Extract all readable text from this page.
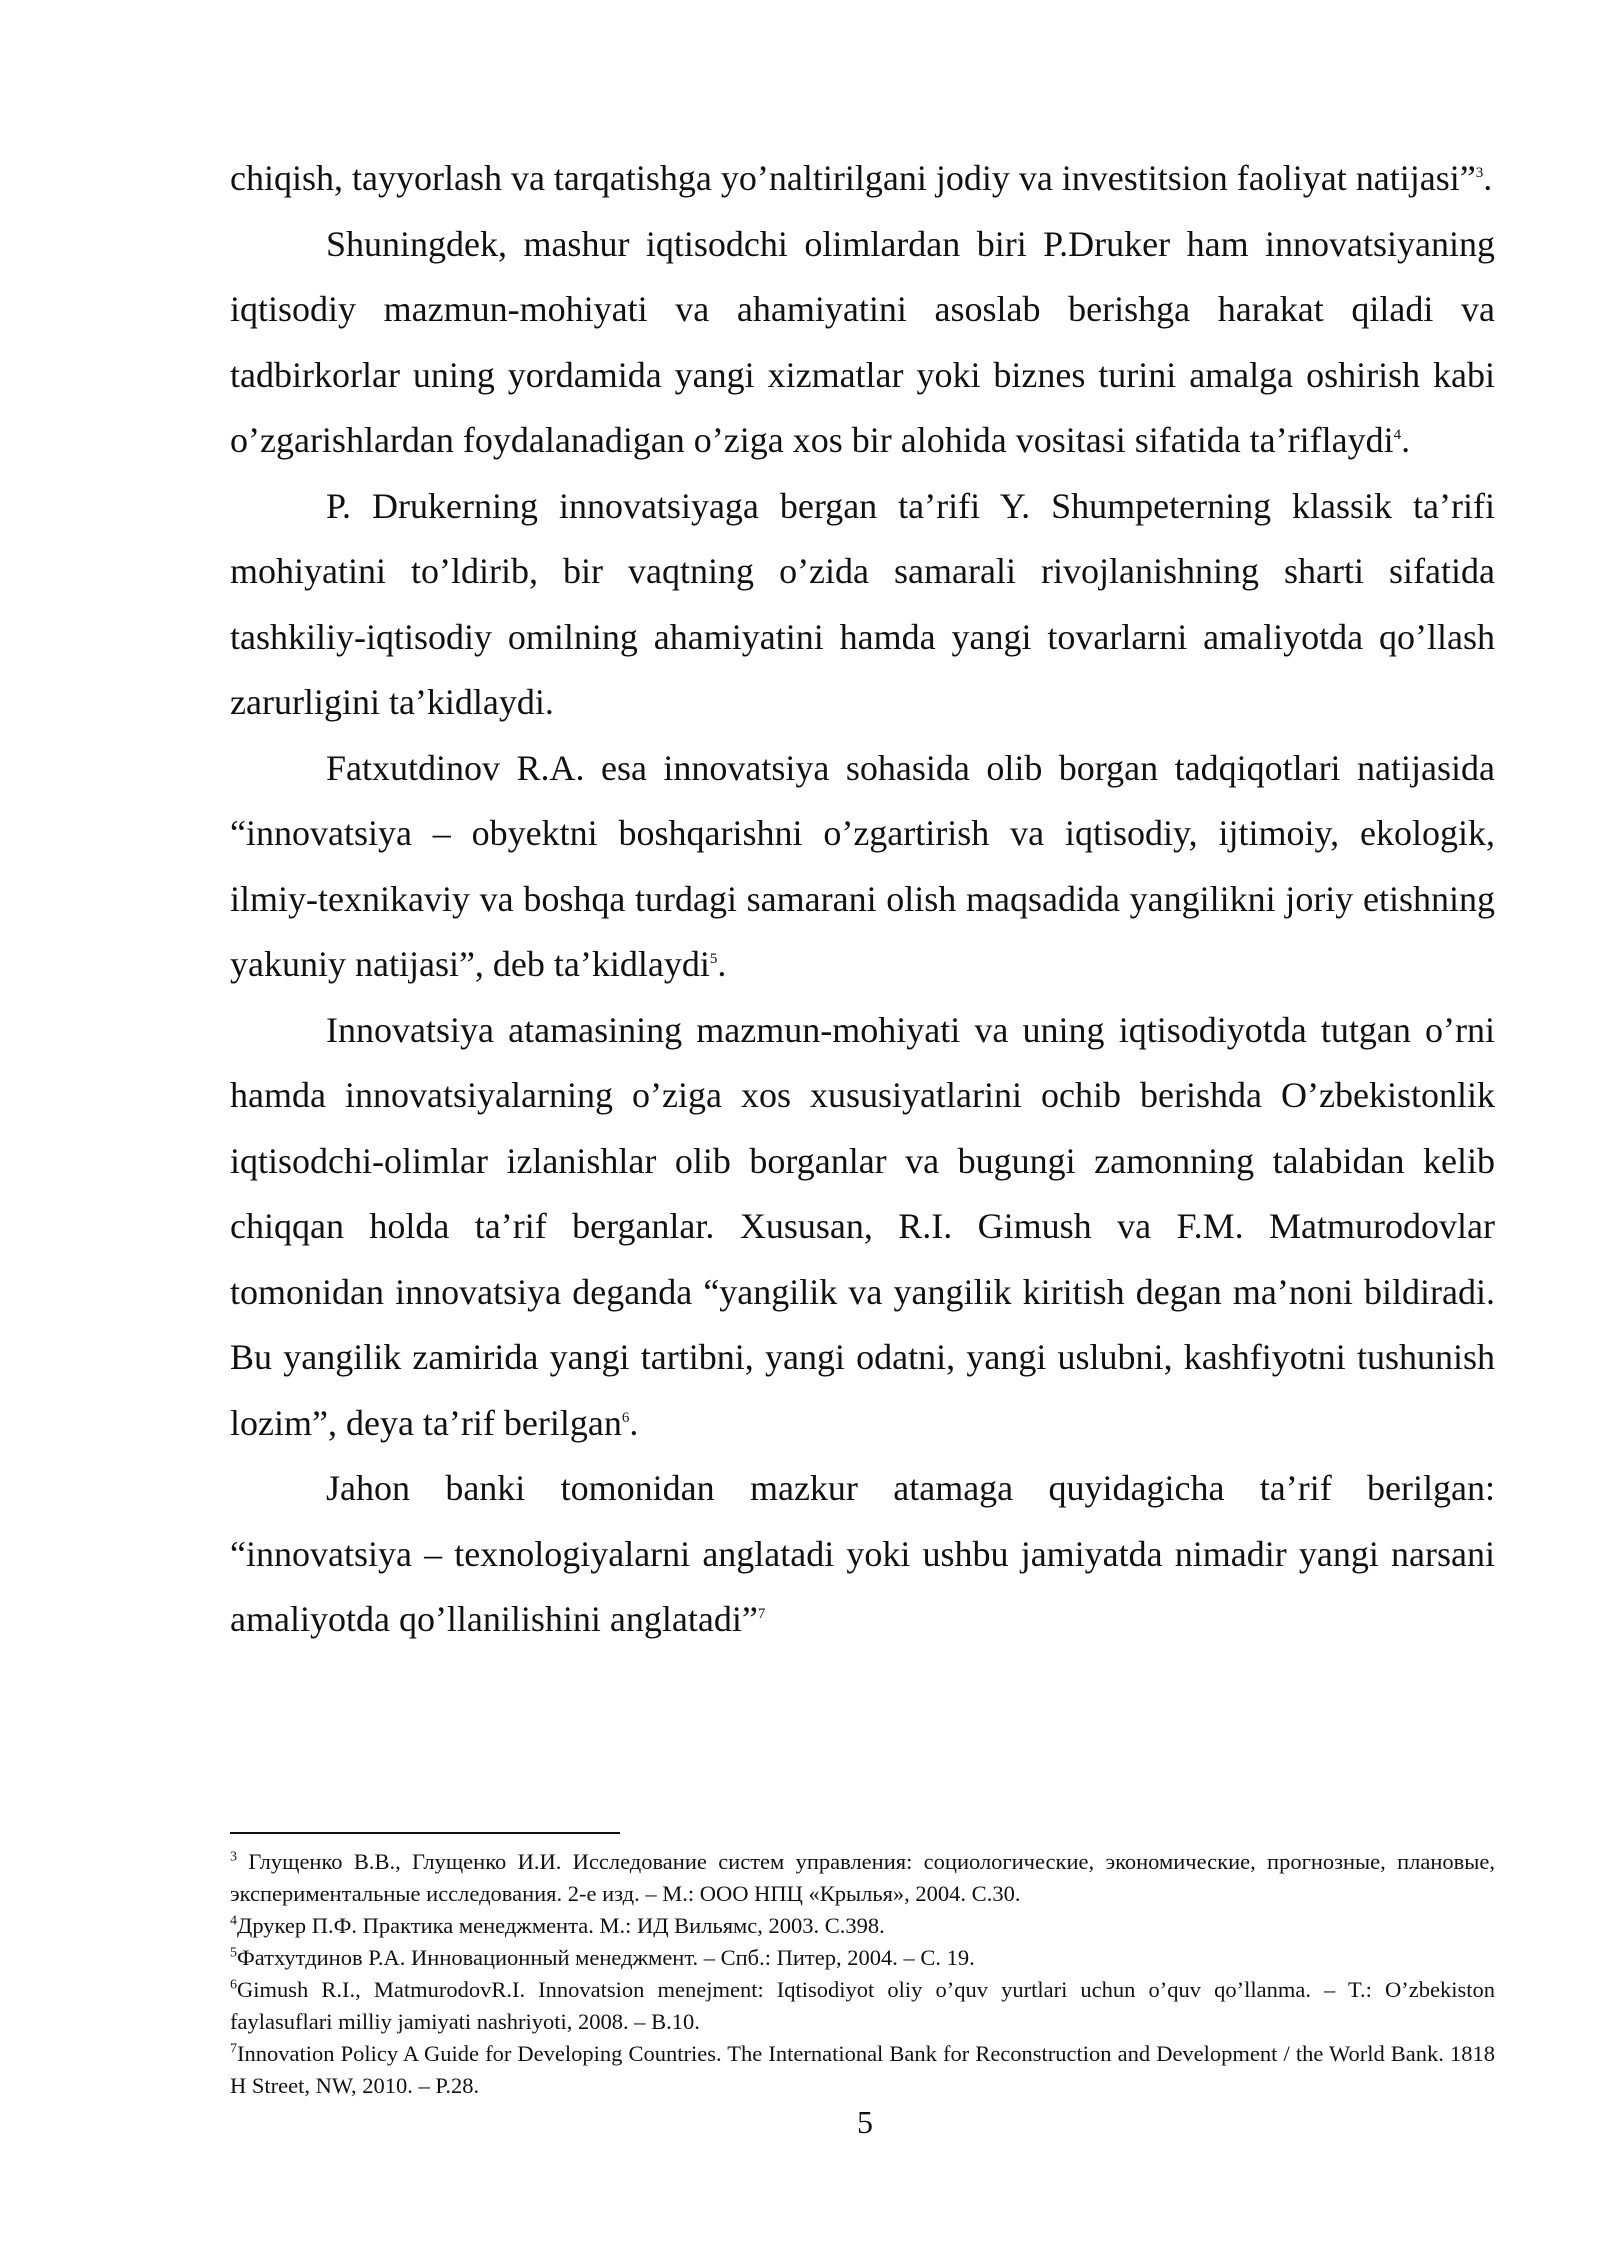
chiqish, tayyorlash va tarqatishga yo’naltirilgani jodiy va investitsion faoliyat natijasi”$^3$.

Shuningdek, mashur iqtisodchi olimlardan biri P.Druker ham innovatsiyaning iqtisodiy mazmun-mohiyati va ahamiyatini asoslab berishga harakat qiladi va tadbirkorlar uning yordamida yangi xizmatlar yoki biznes turini amalga oshirish kabi o’zgarishlardan foydalanadigan o’ziga xos bir alohida vositasi sifatida ta’riflaydi$^4$.

P. Drukerning innovatsiyaga bergan ta’rifi Y. Shumpeterning klassik ta’rifi mohiyatini to’ldirib, bir vaqtning o’zida samarali rivojlanishning sharti sifatida tashkiliy-iqtisodiy omilning ahamiyatini hamda yangi tovarlarni amaliyotda qo’llash zarurligini ta’kidlaydi.

Fatxutdinov R.A. esa innovatsiya sohasida olib borgan tadqiqotlari natijasida “innovatsiya – obyektni boshqarishni o’zgartirish va iqtisodiy, ijtimoiy, ekologik, ilmiy-texnikaviy va boshqa turdagi samarani olish maqsadida yangilikni joriy etishning yakuniy natijasi”, deb ta’kidlaydi$^5$.

Innovatsiya atamasining mazmun-mohiyati va uning iqtisodiyotda tutgan o’rni hamda innovatsiyalarning o’ziga xos xususiyatlarini ochib berishda O’zbekistonlik iqtisodchi-olimlar izlanishlar olib borganlar va bugungi zamonning talabidan kelib chiqqan holda ta’rif berganlar. Xususan, R.I. Gimush va F.M. Matmurodovlar tomonidan innovatsiya deganda “yangilik va yangilik kiritish degan ma’noni bildiradi. Bu yangilik zamirida yangi tartibni, yangi odatni, yangi uslubni, kashfiyotni tushunish lozim”, deya ta’rif berilgan$^6$.

Jahon banki tomonidan mazkur atamaga quyidagicha ta’rif berilgan: “innovatsiya – texnologiyalarni anglatadi yoki ushbu jamiyatda nimadir yangi narsani amaliyotda qo’llanilishini anglatadi”$^7$

$^3$ Глущенко В.В., Глущенко И.И. Исследование систем управления: социологические, экономические, прогнозные, плановые, экспериментальные исследования. 2-е изд. – М.: ООО НПЦ «Крылья», 2004. С.30.

$^4$Друкер П.Ф. Практика менеджмента. М.: ИД Вильямс, 2003. С.398.

$^5$Фатхутдинов Р.А. Инновационный менеджмент. – Спб.: Питер, 2004. – С. 19.

$^6$Gimush R.I., MatmurodovR.I. Innovatsion menejment: Iqtisodiyot oliy o’quv yurtlari uchun o’quv qo’llanma. – T.: O’zbekiston faylasuflari milliy jamiyati nashriyoti, 2008. – B.10.

$^7$Innovation Policy A Guide for Developing Countries. The International Bank for Reconstruction and Development / the World Bank. 1818 H Street, NW, 2010. – P.28.

5
